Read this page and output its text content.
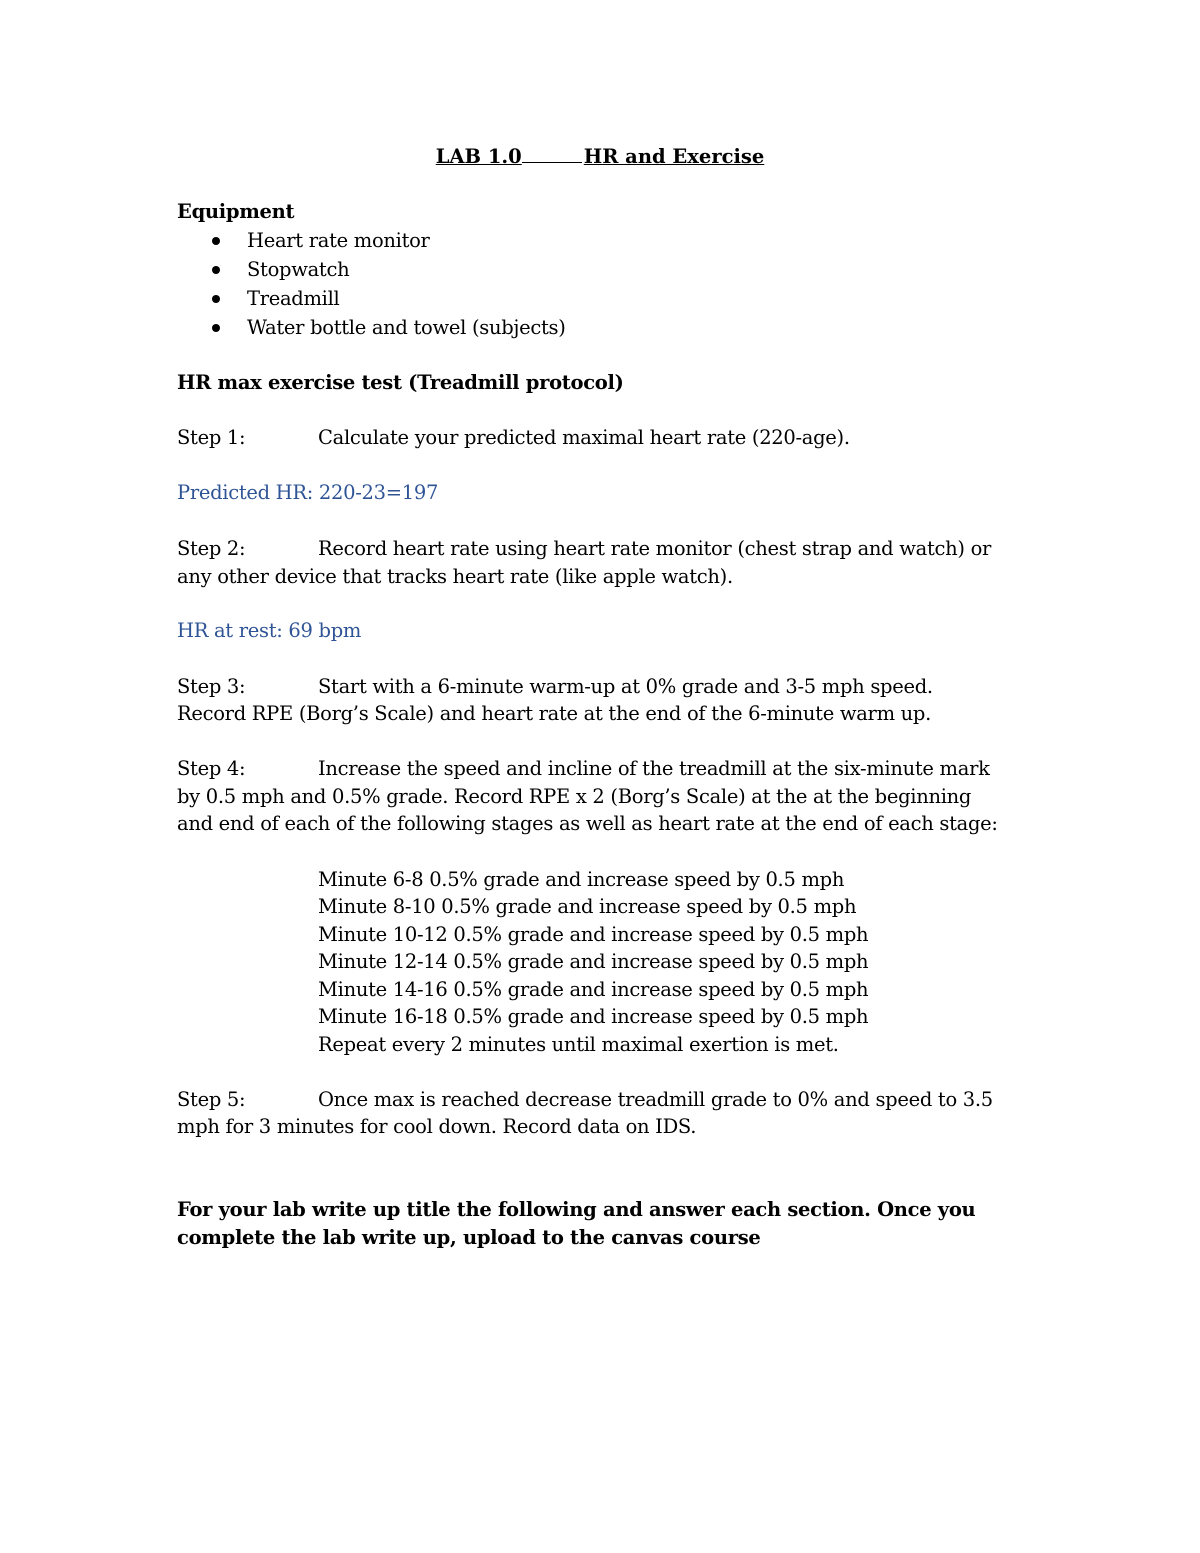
LAB 1.0	HR and Exercise
Equipment
Heart rate monitor
Stopwatch
Treadmill
Water bottle and towel (subjects)
HR max exercise test (Treadmill protocol)
Step 1:	Calculate your predicted maximal heart rate (220-age).
Predicted HR: 220-23=197
Step 2:	Record heart rate using heart rate monitor (chest strap and watch) or
any other device that tracks heart rate (like apple watch).
HR at rest: 69 bpm
Step 3:	Start with a 6-minute warm-up at 0% grade and 3-5 mph speed.
Record RPE (Borg’s Scale) and heart rate at the end of the 6-minute warm up.
Step 4:	Increase the speed and incline of the treadmill at the six-minute mark
by 0.5 mph and 0.5% grade. Record RPE x 2 (Borg’s Scale) at the at the beginning
and end of each of the following stages as well as heart rate at the end of each stage:
Minute 6-8 0.5% grade and increase speed by 0.5 mph
Minute 8-10 0.5% grade and increase speed by 0.5 mph
Minute 10-12 0.5% grade and increase speed by 0.5 mph
Minute 12-14 0.5% grade and increase speed by 0.5 mph
Minute 14-16 0.5% grade and increase speed by 0.5 mph
Minute 16-18 0.5% grade and increase speed by 0.5 mph
Repeat every 2 minutes until maximal exertion is met.
Step 5:	Once max is reached decrease treadmill grade to 0% and speed to 3.5
mph for 3 minutes for cool down. Record data on IDS.
For your lab write up title the following and answer each section. Once you
complete the lab write up, upload to the canvas course
